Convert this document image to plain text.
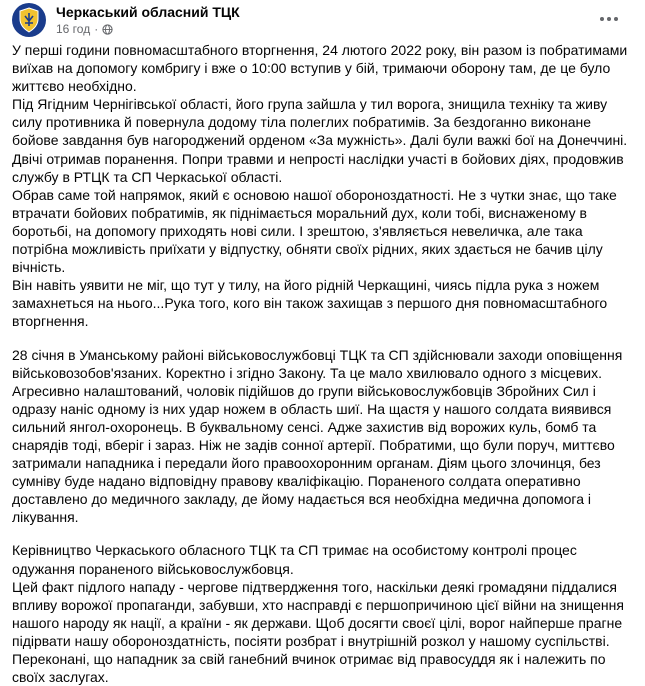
Черкаський обласний ТЦК
16 год ·

У перші години повномасштабного вторгнення, 24 лютого 2022 року, він разом із побратимами виїхав на допомогу комбригу і вже о 10:00 вступив у бій, тримаючи оборону там, де це було життєво необхідно.

Під Ягідним Чернігівської області, його група зайшла у тил ворога, знищила техніку та живу силу противника й повернула додому тіла полеглих побратимів. За бездоганно виконане бойове завдання був нагороджений орденом «За мужність». Далі були важкі бої на Донеччині.

Двічі отримав поранення. Попри травми и непрості наслідки участі в бойових діях, продовжив службу в РТЦК та СП Черкаської області.

Обрав саме той напрямок, який є основою нашої обороноздатності. Не з чутки знає, що таке втрачати бойових побратимів, як піднімається моральний дух, коли тобі, виснаженому в боротьбі, на допомогу приходять нові сили. І зрештою, з'являється невеличка, але така потрібна можливість приїхати у відпустку, обняти своїх рідних, яких здається не бачив цілу вічність.

Він навіть уявити не міг, що тут у тилу, на його рідній Черкащині, чиясь підла рука з ножем замахнеться на нього...Рука того, кого він також захищав з першого дня повномасштабного вторгнення.

28 січня в Уманському районі військовослужбовці ТЦК та СП здійснювали заходи оповіщення військовозобов'язаних. Коректно і згідно Закону. Та це мало хвилювало одного з місцевих. Агресивно налаштований, чоловік підійшов до групи військовослужбовців Збройних Сил і одразу наніс одному із них удар ножем в область шиї. На щастя у нашого солдата виявився сильний янгол-охоронець. В буквальному сенсі. Адже захистив від ворожих куль, бомб та снарядів тоді, вберіг і зараз. Ніж не задів сонної артерії. Побратими, що були поруч, миттєво затримали нападника і передали його правоохоронним органам. Діям цього злочинця, без сумніву буде надано відповідну правову кваліфікацію. Пораненого солдата оперативно доставлено до медичного закладу, де йому надається вся необхідна медична допомога і лікування.

Керівництво Черкаського обласного ТЦК та СП тримає на особистому контролі процес одужання пораненого військовослужбовця.

Цей факт підлого нападу - чергове підтвердження того, наскільки деякі громадяни піддалися впливу ворожої пропаганди, забувши, хто насправді є першопричиною цієї війни на знищення нашого народу як нації, а країни - як держави. Щоб досягти своєї цілі, ворог найперше прагне підірвати нашу обороноздатність, посіяти розбрат і внутрішній розкол у нашому суспільстві.

Переконані, що нападник за свій ганебний вчинок отримає від правосуддя як і належить по своїх заслугах.
